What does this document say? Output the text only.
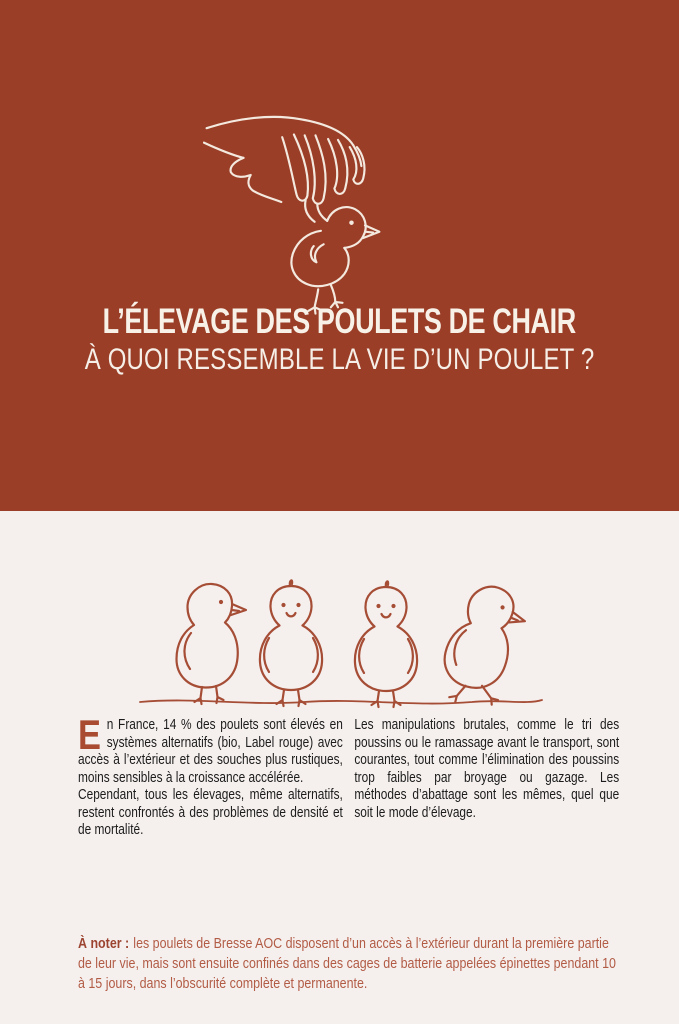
L’ÉLEVAGE DES POULETS DE CHAIR
À QUOI RESSEMBLE LA VIE D’UN POULET ?

En France, 14 % des poulets sont élevés en systèmes alternatifs (bio, Label rouge) avec accès à l’extérieur et des souches plus rustiques, moins sensibles à la croissance accélérée.

Cependant, tous les élevages, même alternatifs, restent confrontés à des problèmes de densité et de mortalité.

Les manipulations brutales, comme le tri des poussins ou le ramassage avant le transport, sont courantes, tout comme l’élimination des poussins trop faibles par broyage ou gazage. Les méthodes d’abattage sont les mêmes, quel que soit le mode d’élevage.

À noter : les poulets de Bresse AOC disposent d’un accès à l’extérieur durant la première partie de leur vie, mais sont ensuite confinés dans des cages de batterie appelées épinettes pendant 10 à 15 jours, dans l’obscurité complète et permanente.
